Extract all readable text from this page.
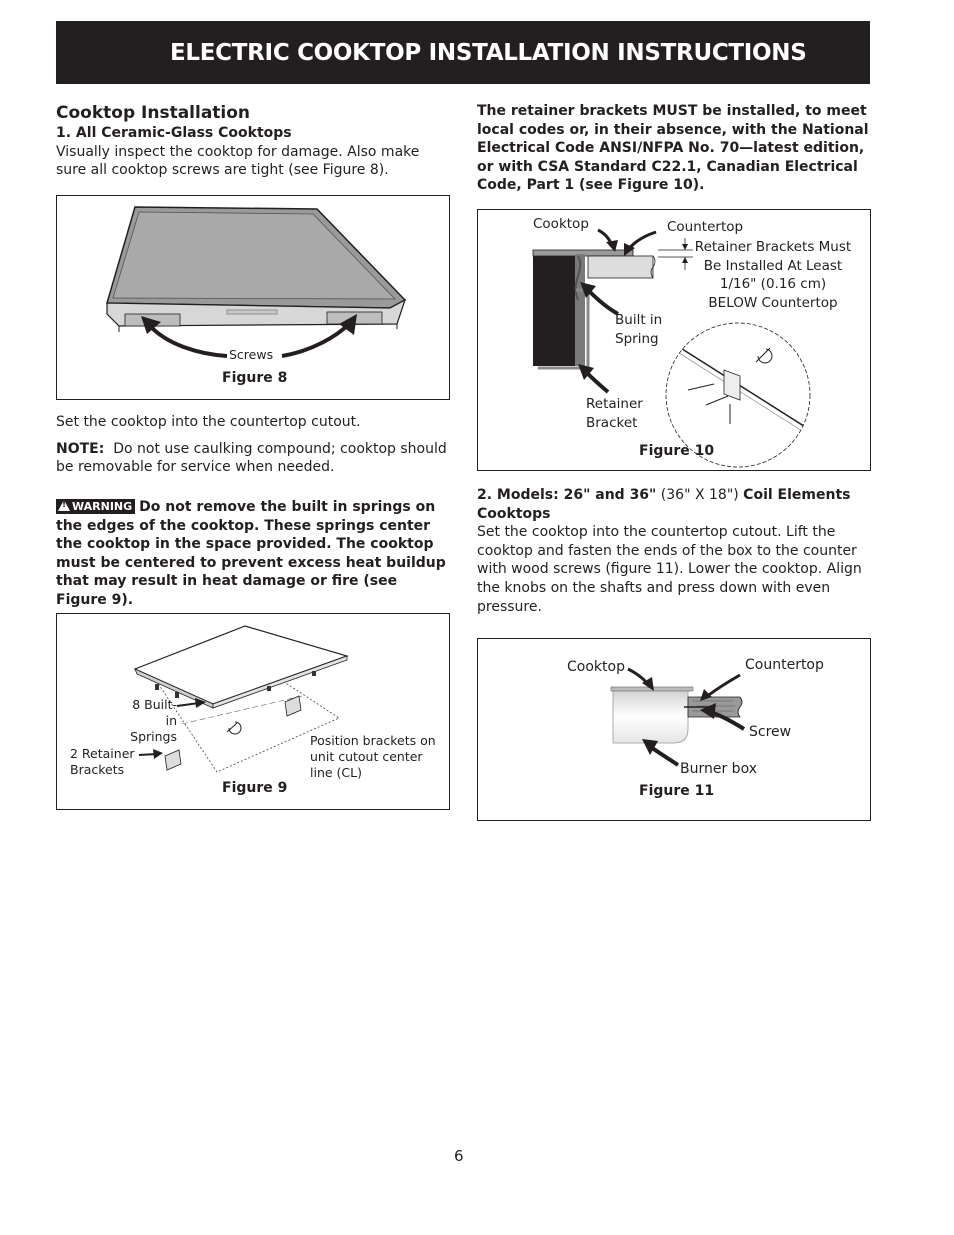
ELECTRIC COOKTOP INSTALLATION INSTRUCTIONS

Cooktop Installation

1. All Ceramic-Glass Cooktops

Visually inspect the cooktop for damage. Also make sure all cooktop screws are tight (see Figure 8).

Screws
Figure 8

Set the cooktop into the countertop cutout.

NOTE: Do not use caulking compound; cooktop should be removable for service when needed.

!WARNING Do not remove the built in springs on the edges of the cooktop. These springs center the cooktop in the space provided. The cooktop must be centered to prevent excess heat buildup that may result in heat damage or fire (see Figure 9).
8 Built-in
Springs
2 Retainer
Brackets
Position brackets on
unit cutout center
line (CL)
Figure 9
The retainer brackets MUST be installed, to meet local codes or, in their absence, with the National Electrical Code ANSI/NFPA No. 70—latest edition, or with CSA Standard C22.1, Canadian Electrical Code, Part 1 (see Figure 10).
Cooktop	Countertop
Retainer Brackets Must
Be Installed At Least
1/16" (0.16 cm)
BELOW Countertop
Built in
Spring
Retainer
Bracket
Figure 10

2. Models: 26" and 36" (36" X 18") Coil Elements Cooktops

Set the cooktop into the countertop cutout. Lift the cooktop and fasten the ends of the box to the counter with wood screws (figure 11). Lower the cooktop. Align the knobs on the shafts and press down with even pressure.

Cooktop	Countertop
Screw
Burner box
Figure 11
6
